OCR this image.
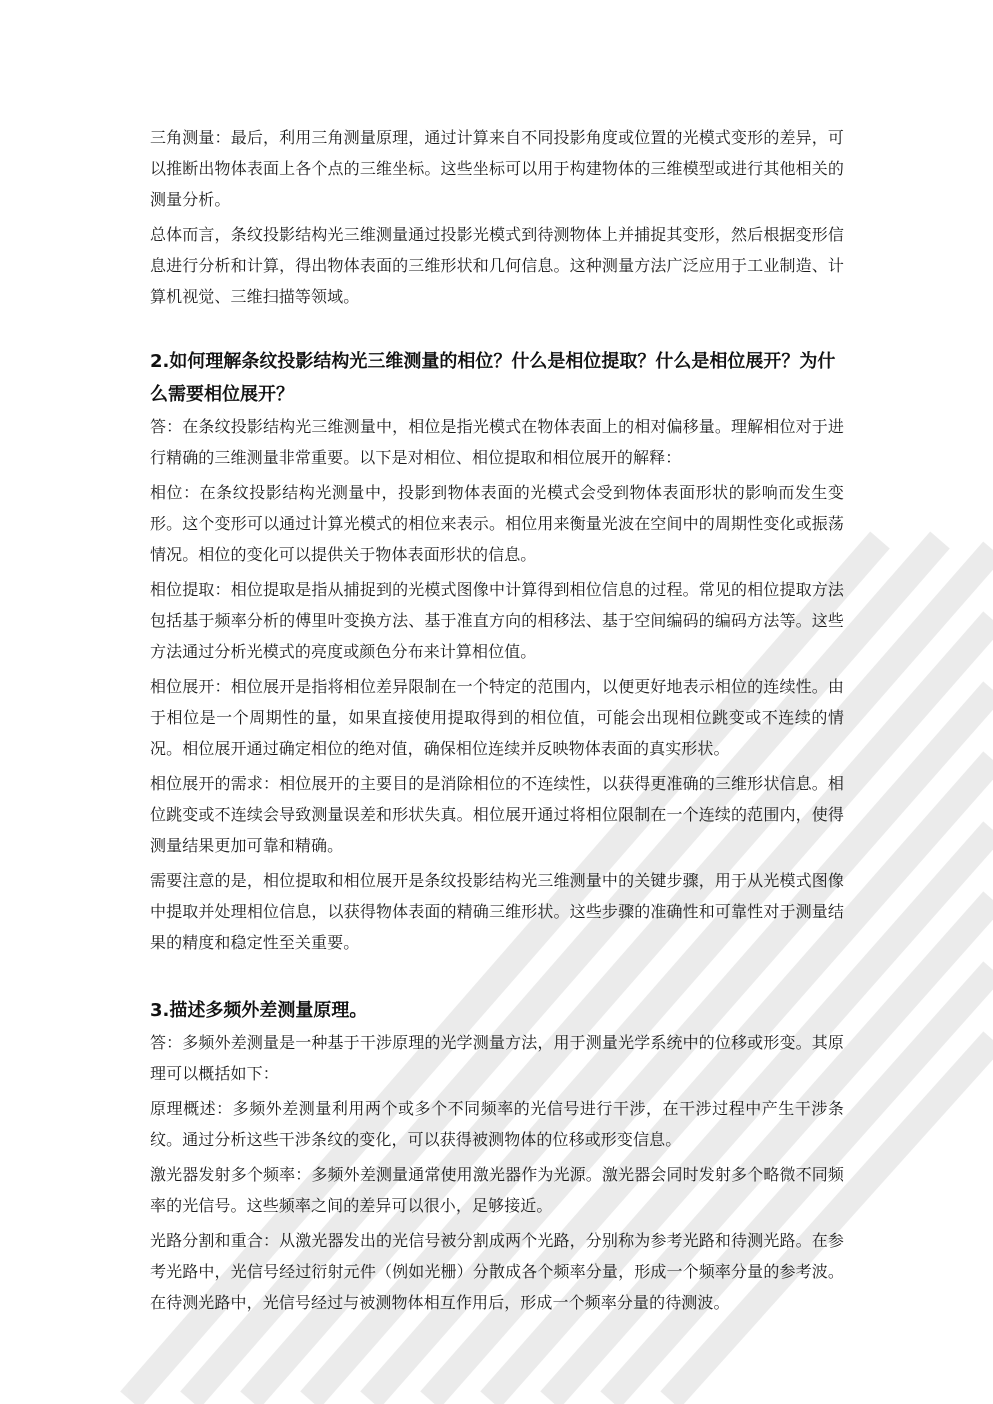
三角测量：最后，利用三角测量原理，通过计算来自不同投影角度或位置的光模式变形的差异，可以推断出物体表面上各个点的三维坐标。这些坐标可以用于构建物体的三维模型或进行其他相关的测量分析。

总体而言，条纹投影结构光三维测量通过投影光模式到待测物体上并捕捉其变形，然后根据变形信息进行分析和计算，得出物体表面的三维形状和几何信息。这种测量方法广泛应用于工业制造、计算机视觉、三维扫描等领域。

2.如何理解条纹投影结构光三维测量的相位？什么是相位提取？什么是相位展开？为什么需要相位展开？

答：在条纹投影结构光三维测量中，相位是指光模式在物体表面上的相对偏移量。理解相位对于进行精确的三维测量非常重要。以下是对相位、相位提取和相位展开的解释：

相位：在条纹投影结构光测量中，投影到物体表面的光模式会受到物体表面形状的影响而发生变形。这个变形可以通过计算光模式的相位来表示。相位用来衡量光波在空间中的周期性变化或振荡情况。相位的变化可以提供关于物体表面形状的信息。

相位提取：相位提取是指从捕捉到的光模式图像中计算得到相位信息的过程。常见的相位提取方法包括基于频率分析的傅里叶变换方法、基于准直方向的相移法、基于空间编码的编码方法等。这些方法通过分析光模式的亮度或颜色分布来计算相位值。

相位展开：相位展开是指将相位差异限制在一个特定的范围内，以便更好地表示相位的连续性。由于相位是一个周期性的量，如果直接使用提取得到的相位值，可能会出现相位跳变或不连续的情况。相位展开通过确定相位的绝对值，确保相位连续并反映物体表面的真实形状。

相位展开的需求：相位展开的主要目的是消除相位的不连续性，以获得更准确的三维形状信息。相位跳变或不连续会导致测量误差和形状失真。相位展开通过将相位限制在一个连续的范围内，使得测量结果更加可靠和精确。

需要注意的是，相位提取和相位展开是条纹投影结构光三维测量中的关键步骤，用于从光模式图像中提取并处理相位信息，以获得物体表面的精确三维形状。这些步骤的准确性和可靠性对于测量结果的精度和稳定性至关重要。

3.描述多频外差测量原理。

答：多频外差测量是一种基于干涉原理的光学测量方法，用于测量光学系统中的位移或形变。其原理可以概括如下：

原理概述：多频外差测量利用两个或多个不同频率的光信号进行干涉，在干涉过程中产生干涉条纹。通过分析这些干涉条纹的变化，可以获得被测物体的位移或形变信息。

激光器发射多个频率：多频外差测量通常使用激光器作为光源。激光器会同时发射多个略微不同频率的光信号。这些频率之间的差异可以很小，足够接近。

光路分割和重合：从激光器发出的光信号被分割成两个光路，分别称为参考光路和待测光路。在参考光路中，光信号经过衍射元件（例如光栅）分散成各个频率分量，形成一个频率分量的参考波。在待测光路中，光信号经过与被测物体相互作用后，形成一个频率分量的待测波。
